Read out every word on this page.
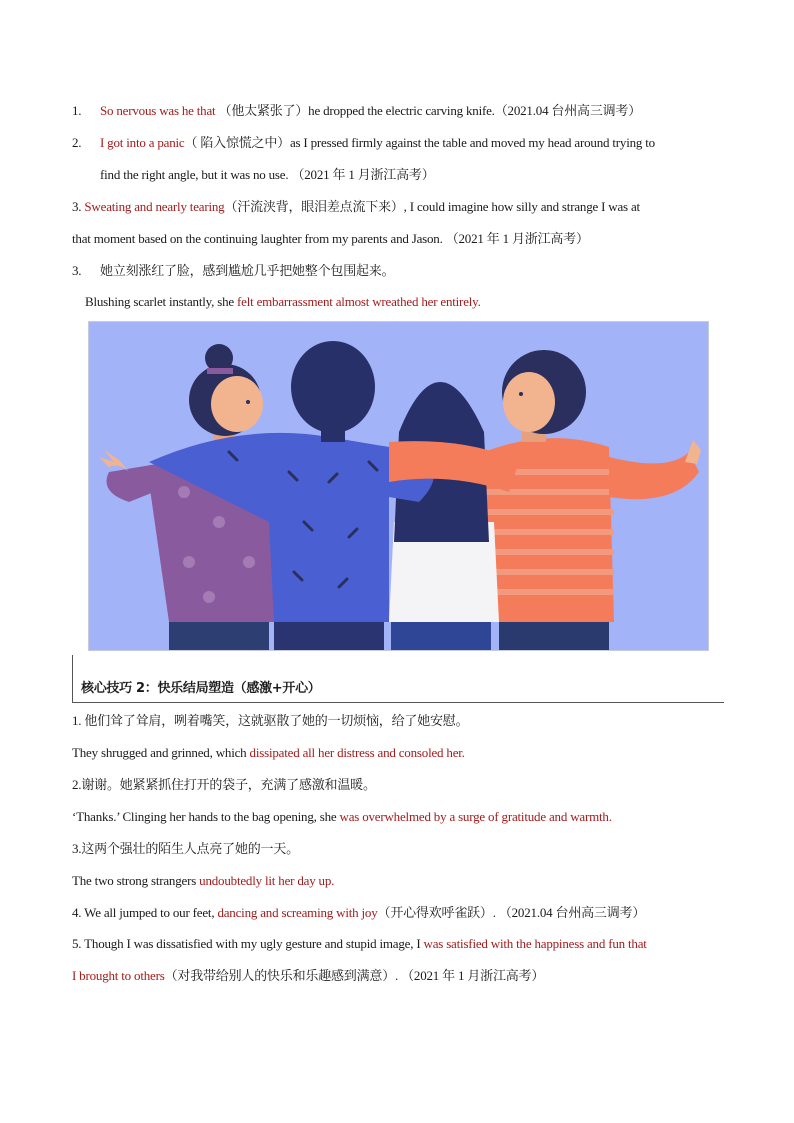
1. So nervous was he that （他太紧张了）he dropped the electric carving knife.（2021.04 台州高三调考）
2. I got into a panic（ 陷入惊慌之中）as I pressed firmly against the table and moved my head around trying to
find the right angle, but it was no use. （2021 年 1 月浙江高考）
3. Sweating and nearly tearing（汗流浃背，眼泪差点流下来）, I could imagine how silly and strange I was at
that moment based on the continuing laughter from my parents and Jason. （2021 年 1 月浙江高考）
3. 她立刻涨红了脸，感到尴尬几乎把她整个包围起来。
Blushing scarlet instantly, she felt embarrassment almost wreathed her entirely.
核心技巧 2：快乐结局塑造（感激+开心）
1. 他们耸了耸肩，咧着嘴笑，这就驱散了她的一切烦恼，给了她安慰。
They shrugged and grinned, which dissipated all her distress and consoled her.
2.谢谢。她紧紧抓住打开的袋子，充满了感激和温暖。
‘Thanks.’ Clinging her hands to the bag opening, she was overwhelmed by a surge of gratitude and warmth.
3.这两个强壮的陌生人点亮了她的一天。
The two strong strangers undoubtedly lit her day up.
4. We all jumped to our feet, dancing and screaming with joy（开心得欢呼雀跃）. （2021.04 台州高三调考）
5. Though I was dissatisfied with my ugly gesture and stupid image, I was satisfied with the happiness and fun that
I brought to others（对我带给别人的快乐和乐趣感到满意）. （2021 年 1 月浙江高考）
